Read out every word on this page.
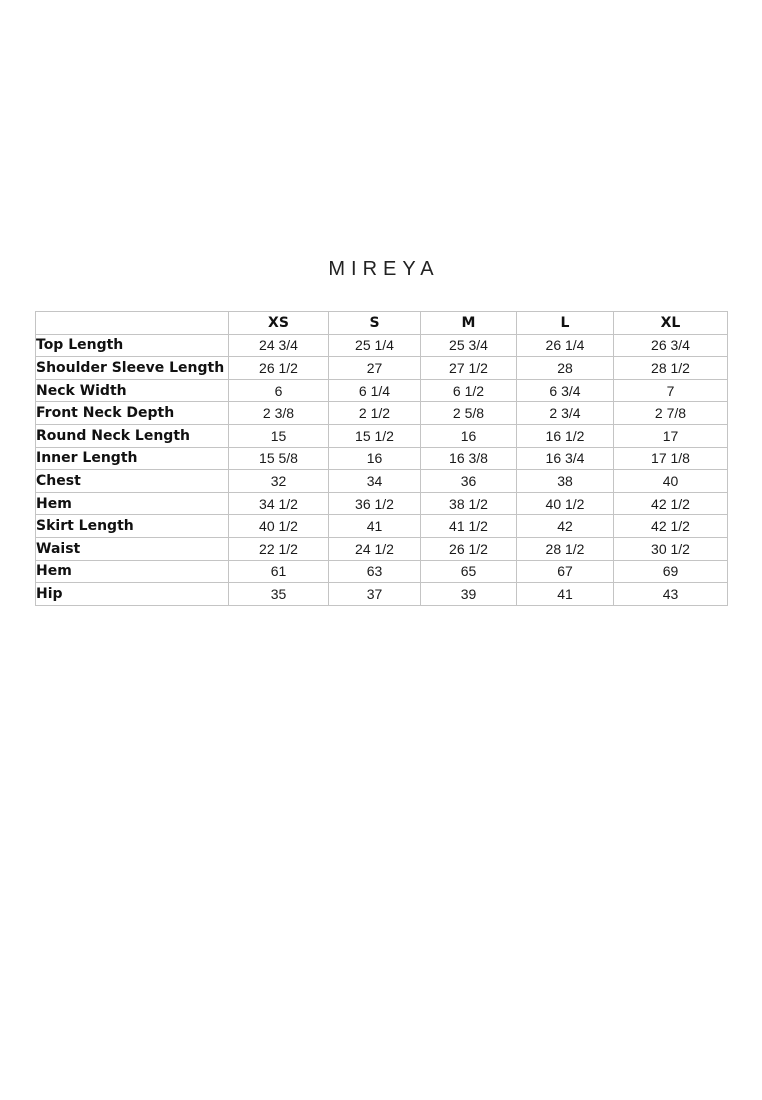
MIREYA
	XS	S	M	L	XL
Top Length	24 3/4	25 1/4	25 3/4	26 1/4	26 3/4
Shoulder Sleeve Length	26 1/2	27	27 1/2	28	28 1/2
Neck Width	6	6 1/4	6 1/2	6 3/4	7
Front Neck Depth	2 3/8	2 1/2	2 5/8	2 3/4	2 7/8
Round Neck Length	15	15 1/2	16	16 1/2	17
Inner Length	15 5/8	16	16 3/8	16 3/4	17 1/8
Chest	32	34	36	38	40
Hem	34 1/2	36 1/2	38 1/2	40 1/2	42 1/2
Skirt Length	40 1/2	41	41 1/2	42	42 1/2
Waist	22 1/2	24 1/2	26 1/2	28 1/2	30 1/2
Hem	61	63	65	67	69
Hip	35	37	39	41	43
